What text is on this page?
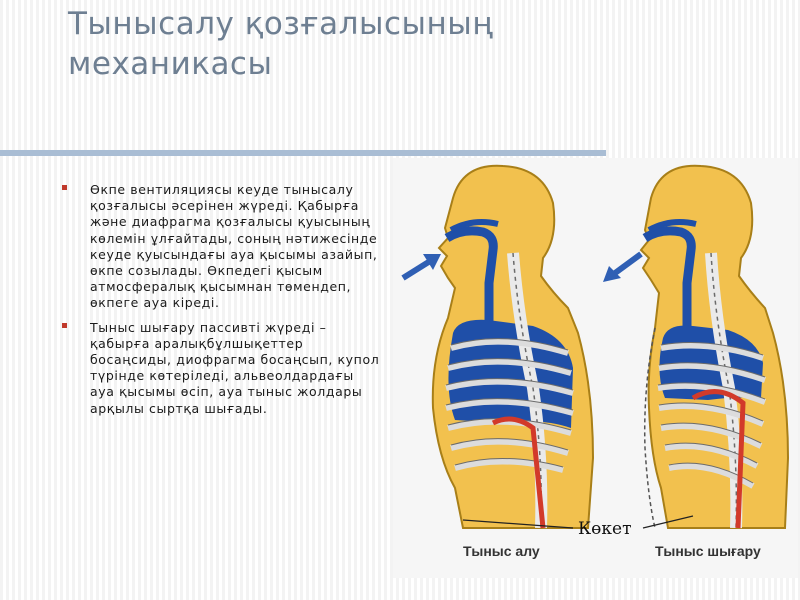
Тынысалу қозғалысының
механикасы
Өкпе вентиляциясы кеуде тынысалу қозғалысы әсерінен жүреді. Қабырға және диафрагма қозғалысы қуысының көлемін ұлғайтады, соның нәтижесінде кеуде қуысындағы ауа қысымы азайып, өкпе созылады. Өкпедегі қысым атмосфералық қысымнан төмендеп, өкпеге ауа кіреді.
Тыныс шығару пассивті жүреді – қабырға аралықбұлшықеттер босаңсиды, диофрагма босаңсып, купол түрінде көтеріледі, альвеолдардағы ауа қысымы өсіп, ауа тыныс жолдары арқылы сыртқа шығады.
Көкет
Тыныс алу	Тыныс шығару
